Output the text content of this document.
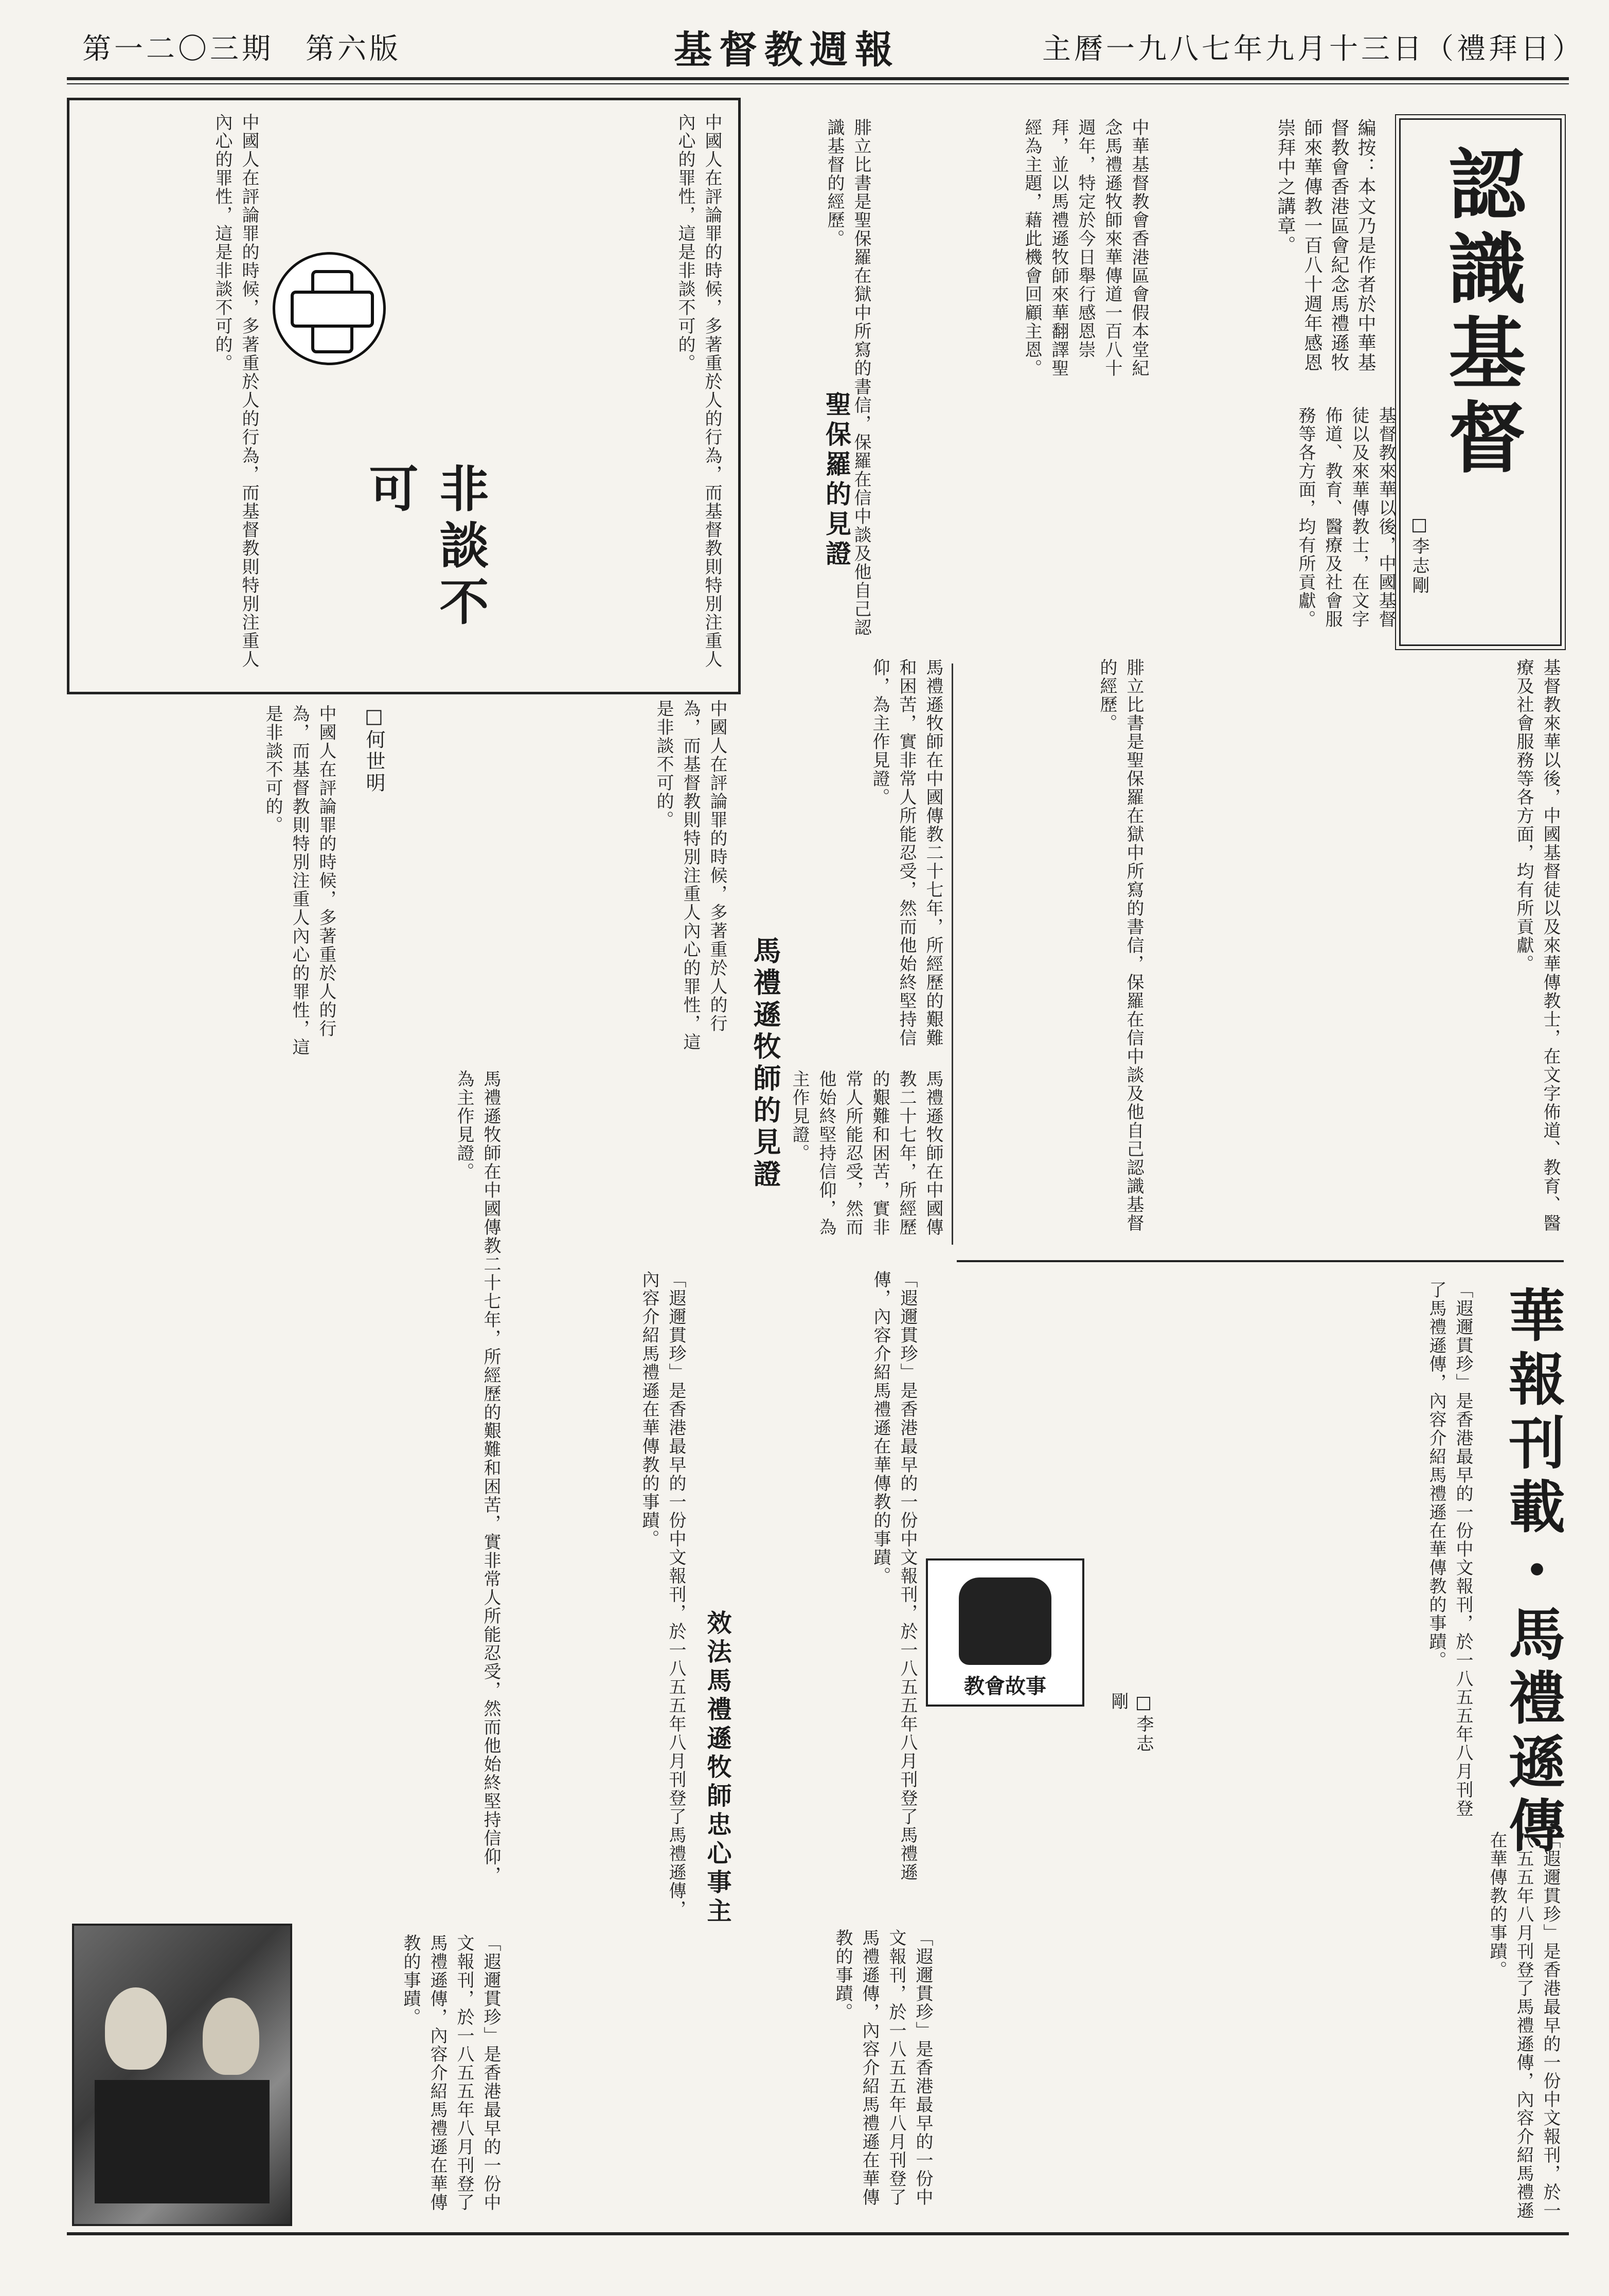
主曆一九八七年九月十三日（禮拜日）
基督教週報
第一二〇三期　第六版
認識基督
□李志剛
編按：本文乃是作者於中華基督教會香港區會紀念馬禮遜牧師來華傳教一百八十週年感恩崇拜中之講章。
中華基督教會香港區會假本堂紀念馬禮遜牧師來華傳道一百八十週年，特定於今日舉行感恩崇拜，並以馬禮遜牧師來華翻譯聖經為主題，藉此機會回顧主恩。
基督教來華以後，中國基督徒以及來華傳教士，在文字佈道、教育、醫療及社會服務等各方面，均有所貢獻。
聖保羅的見證
腓立比書是聖保羅在獄中所寫的書信，保羅在信中談及他自己認識基督的經歷。
基督教來華以後，中國基督徒以及來華傳教士，在文字佈道、教育、醫療及社會服務等各方面，均有所貢獻。
腓立比書是聖保羅在獄中所寫的書信，保羅在信中談及他自己認識基督的經歷。
中國人在評論罪的時候，多著重於人的行為，而基督教則特別注重人內心的罪性，這是非談不可的。
中國人在評論罪的時候，多著重於人的行為，而基督教則特別注重人內心的罪性，這是非談不可的。
非談不可
□何世明
中國人在評論罪的時候，多著重於人的行為，而基督教則特別注重人內心的罪性，這是非談不可的。	中國人在評論罪的時候，多著重於人的行為，而基督教則特別注重人內心的罪性，這是非談不可的。	馬禮遜牧師在中國傳教二十七年，所經歷的艱難和困苦，實非常人所能忍受，然而他始終堅持信仰，為主作見證。
馬禮遜牧師的見證	馬禮遜牧師在中國傳教二十七年，所經歷的艱難和困苦，實非常人所能忍受，然而他始終堅持信仰，為主作見證。
馬禮遜牧師在中國傳教二十七年，所經歷的艱難和困苦，實非常人所能忍受，然而他始終堅持信仰，為主作見證。
華報刊載・馬禮遜傳
「遐邇貫珍」是香港最早的一份中文報刊，於一八五五年八月刊登了馬禮遜傳，內容介紹馬禮遜在華傳教的事蹟。
「遐邇貫珍」是香港最早的一份中文報刊，於一八五五年八月刊登了馬禮遜傳，內容介紹馬禮遜在華傳教的事蹟。
□李志剛
教會故事
「遐邇貫珍」是香港最早的一份中文報刊，於一八五五年八月刊登了馬禮遜傳，內容介紹馬禮遜在華傳教的事蹟。
效法馬禮遜牧師忠心事主
「遐邇貫珍」是香港最早的一份中文報刊，於一八五五年八月刊登了馬禮遜傳，內容介紹馬禮遜在華傳教的事蹟。
「遐邇貫珍」是香港最早的一份中文報刊，於一八五五年八月刊登了馬禮遜傳，內容介紹馬禮遜在華傳教的事蹟。
「遐邇貫珍」是香港最早的一份中文報刊，於一八五五年八月刊登了馬禮遜傳，內容介紹馬禮遜在華傳教的事蹟。
